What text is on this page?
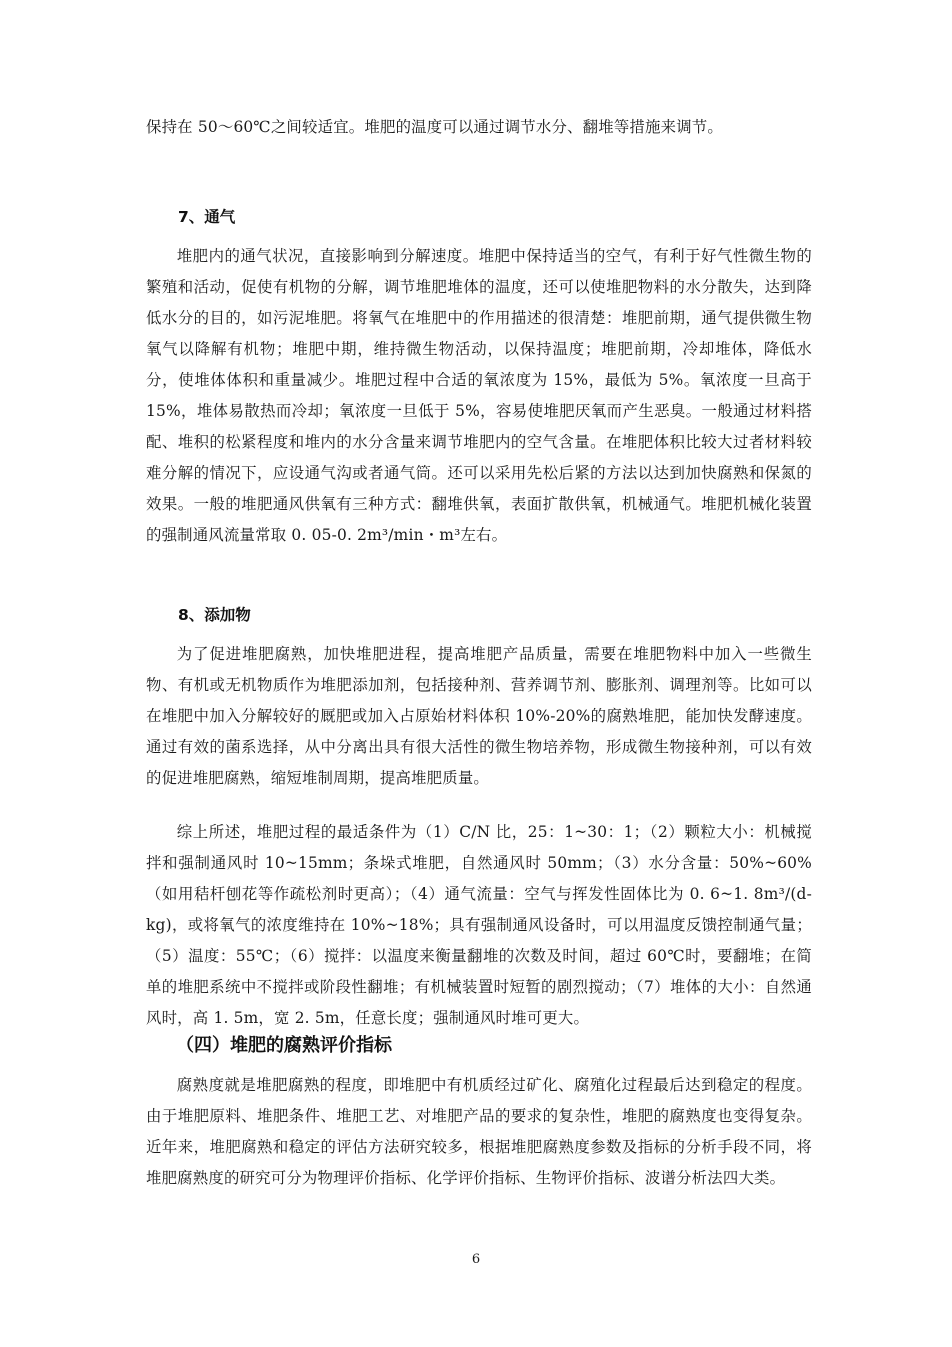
保持在 50～60℃之间较适宜。堆肥的温度可以通过调节水分、翻堆等措施来调节。

7、通气

堆肥内的通气状况，直接影响到分解速度。堆肥中保持适当的空气，有利于好气性微生物的繁殖和活动，促使有机物的分解，调节堆肥堆体的温度，还可以使堆肥物料的水分散失，达到降低水分的目的，如污泥堆肥。将氧气在堆肥中的作用描述的很清楚：堆肥前期，通气提供微生物氧气以降解有机物；堆肥中期，维持微生物活动，以保持温度；堆肥前期，冷却堆体，降低水分，使堆体体积和重量减少。堆肥过程中合适的氧浓度为 15%，最低为 5%。氧浓度一旦高于 15%，堆体易散热而冷却；氧浓度一旦低于 5%，容易使堆肥厌氧而产生恶臭。一般通过材料搭配、堆积的松紧程度和堆内的水分含量来调节堆肥内的空气含量。在堆肥体积比较大过者材料较难分解的情况下，应设通气沟或者通气筒。还可以采用先松后紧的方法以达到加快腐熟和保氮的效果。一般的堆肥通风供氧有三种方式：翻堆供氧，表面扩散供氧，机械通气。堆肥机械化装置的强制通风流量常取 0. 05-0. 2m³/min・m³左右。

8、添加物

为了促进堆肥腐熟，加快堆肥进程，提高堆肥产品质量，需要在堆肥物料中加入一些微生物、有机或无机物质作为堆肥添加剂，包括接种剂、营养调节剂、膨胀剂、调理剂等。比如可以在堆肥中加入分解较好的厩肥或加入占原始材料体积 10%-20%的腐熟堆肥，能加快发酵速度。通过有效的菌系选择，从中分离出具有很大活性的微生物培养物，形成微生物接种剂，可以有效的促进堆肥腐熟，缩短堆制周期，提高堆肥质量。

综上所述，堆肥过程的最适条件为（1）C/N 比，25：1~30：1；（2）颗粒大小：机械搅拌和强制通风时 10~15mm；条垛式堆肥，自然通风时 50mm；（3）水分含量：50%~60%（如用秸杆刨花等作疏松剂时更高）；（4）通气流量：空气与挥发性固体比为 0. 6~1. 8m³/(d-kg)，或将氧气的浓度维持在 10%~18%；具有强制通风设备时，可以用温度反馈控制通气量；（5）温度：55℃；（6）搅拌：以温度来衡量翻堆的次数及时间，超过 60℃时，要翻堆；在简单的堆肥系统中不搅拌或阶段性翻堆；有机械装置时短暂的剧烈搅动；（7）堆体的大小：自然通风时，高 1. 5m，宽 2. 5m，任意长度；强制通风时堆可更大。

（四）堆肥的腐熟评价指标

腐熟度就是堆肥腐熟的程度，即堆肥中有机质经过矿化、腐殖化过程最后达到稳定的程度。由于堆肥原料、堆肥条件、堆肥工艺、对堆肥产品的要求的复杂性，堆肥的腐熟度也变得复杂。近年来，堆肥腐熟和稳定的评估方法研究较多，根据堆肥腐熟度参数及指标的分析手段不同，将堆肥腐熟度的研究可分为物理评价指标、化学评价指标、生物评价指标、波谱分析法四大类。

6
